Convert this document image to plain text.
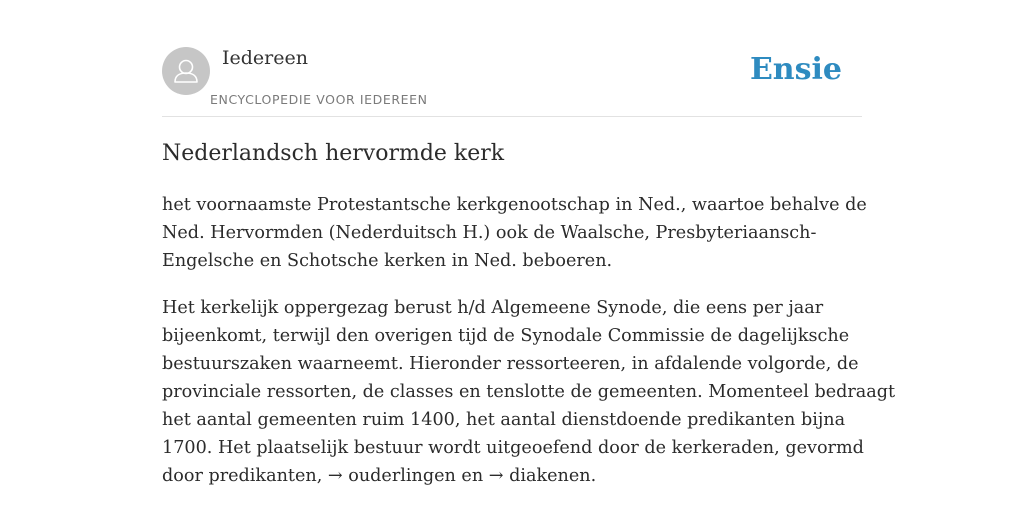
Iedereen
ENCYCLOPEDIE VOOR IEDEREEN
Ensie
Nederlandsch hervormde kerk

het voornaamste Protestantsche kerkgenootschap in Ned., waartoe behalve de
Ned. Hervormden (Nederduitsch H.) ook de Waalsche, Presbyteriaansch-
Engelsche en Schotsche kerken in Ned. beboeren.

Het kerkelijk oppergezag berust h/d Algemeene Synode, die eens per jaar
bijeenkomt, terwijl den overigen tijd de Synodale Commissie de dagelijksche
bestuurszaken waarneemt. Hieronder ressorteeren, in afdalende volgorde, de
provinciale ressorten, de classes en tenslotte de gemeenten. Momenteel bedraagt
het aantal gemeenten ruim 1400, het aantal dienstdoende predikanten bijna
1700. Het plaatselijk bestuur wordt uitgeoefend door de kerkeraden, gevormd
door predikanten, → ouderlingen en → diakenen.
